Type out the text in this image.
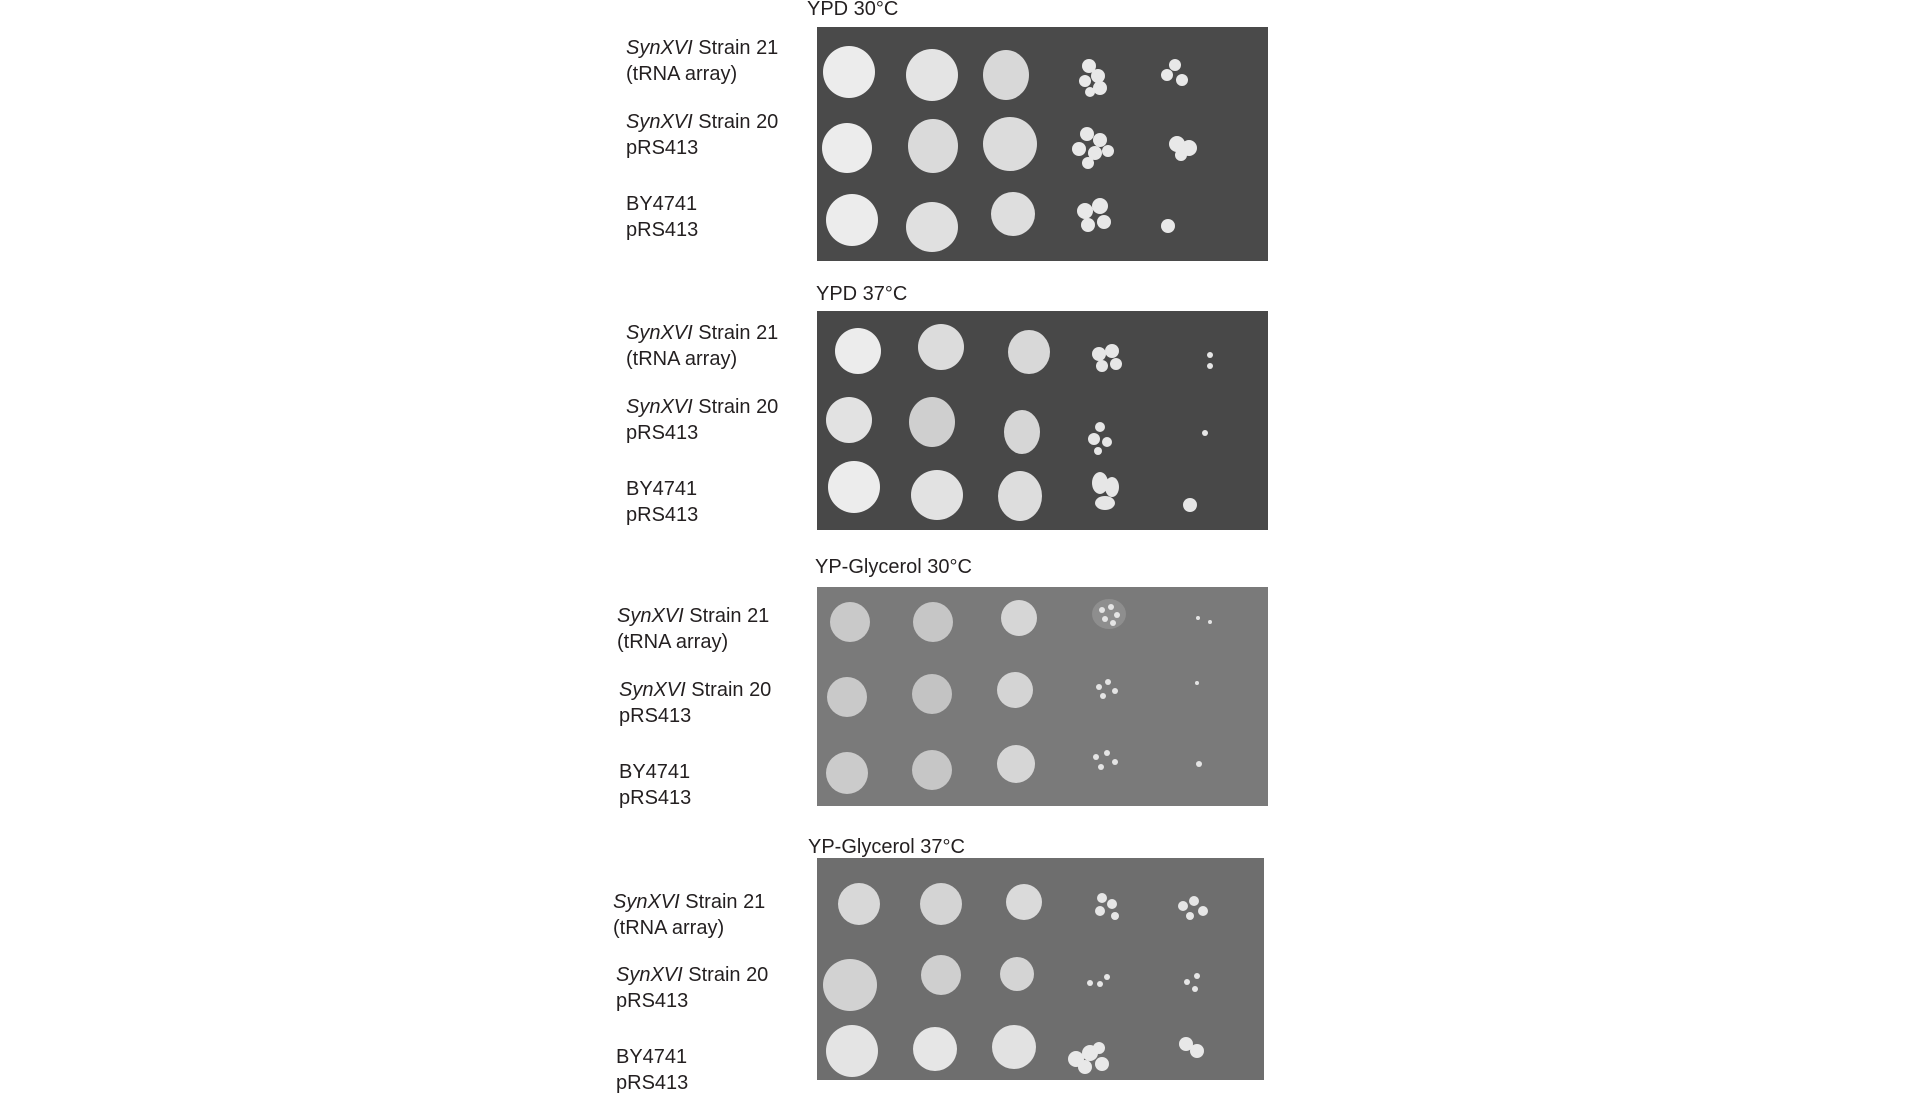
YPD 30°C
SynXVI Strain 21
(tRNA array)
SynXVI Strain 20
pRS413
BY4741
pRS413
YPD 37°C
SynXVI Strain 21
(tRNA array)
SynXVI Strain 20
pRS413
BY4741
pRS413
YP-Glycerol 30°C
SynXVI Strain 21
(tRNA array)
SynXVI Strain 20
pRS413
BY4741
pRS413
YP-Glycerol 37°C
SynXVI Strain 21
(tRNA array)
SynXVI Strain 20
pRS413
BY4741
pRS413
